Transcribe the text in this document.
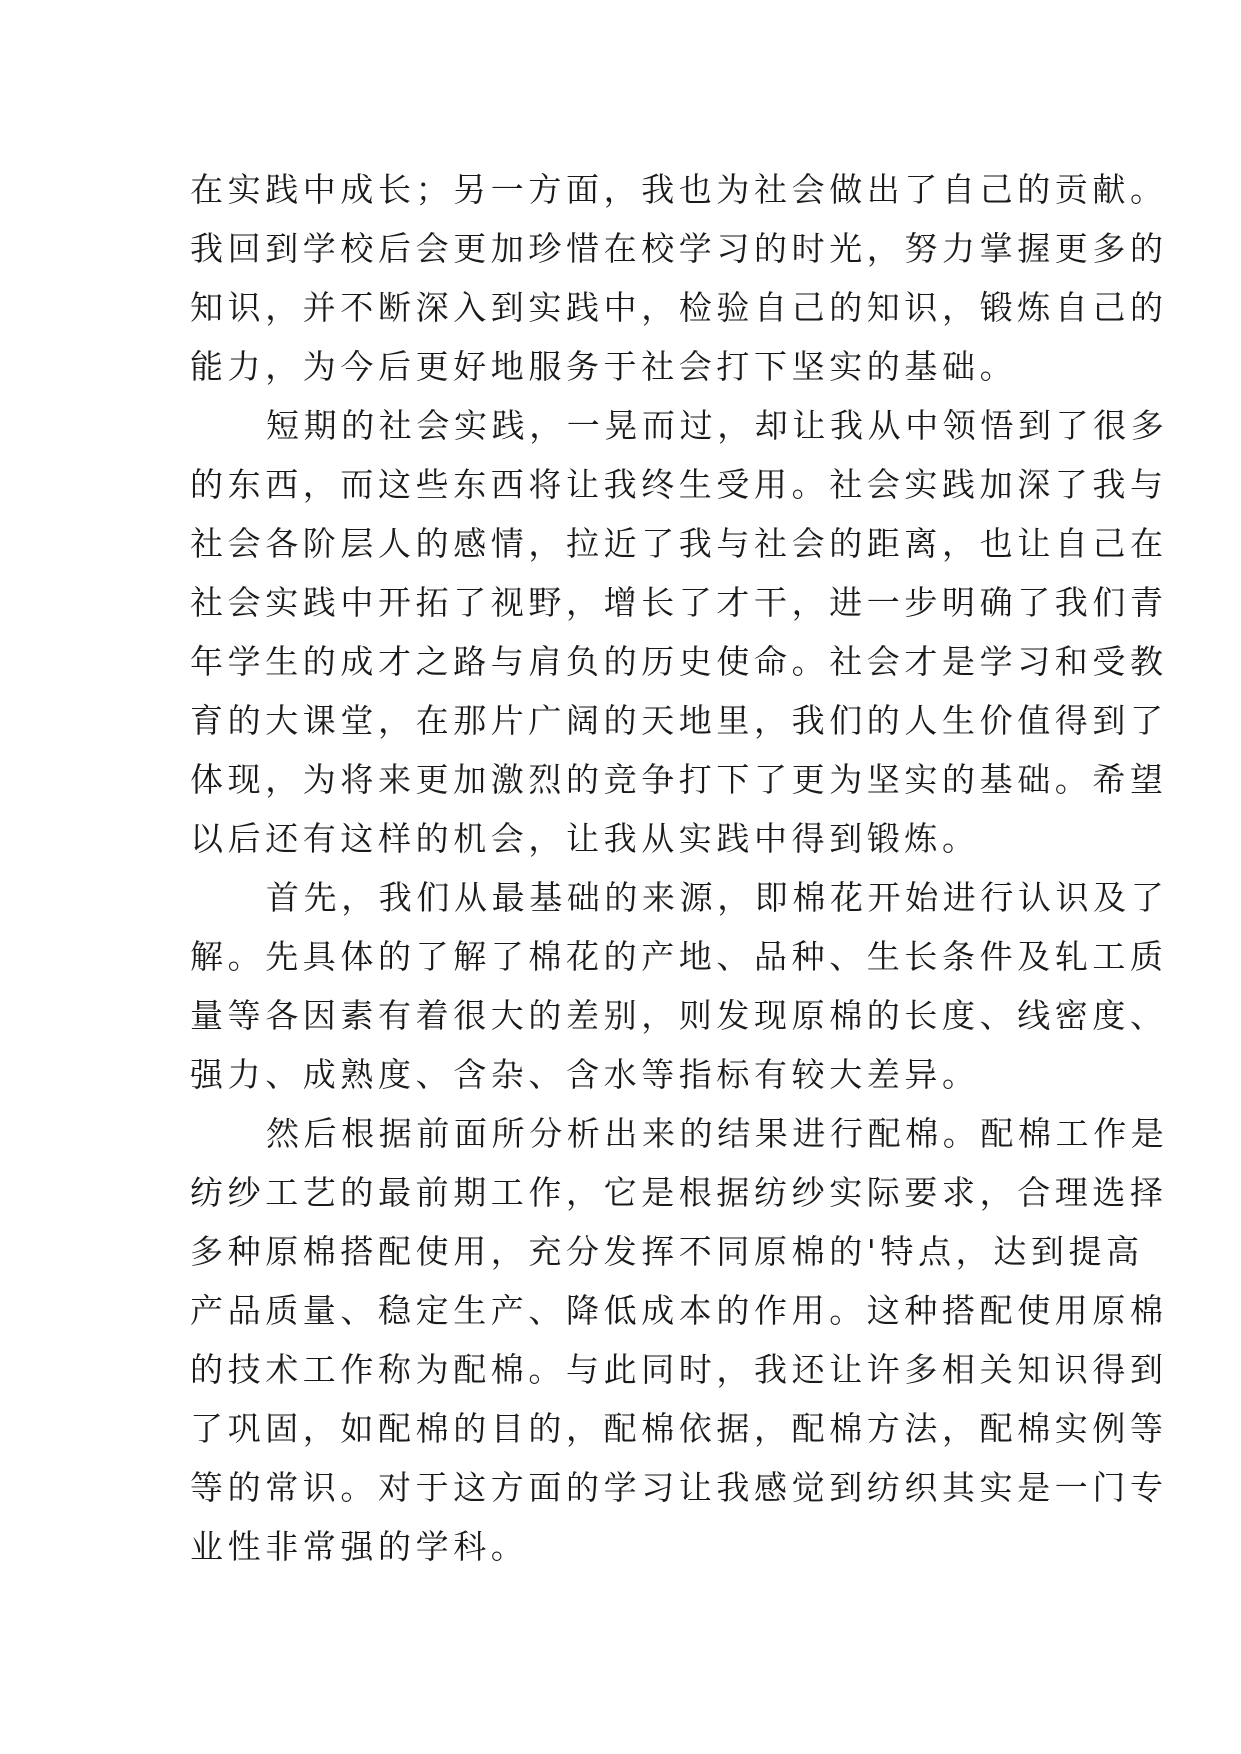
在实践中成长；另一方面，我也为社会做出了自己的贡献。
我回到学校后会更加珍惜在校学习的时光，努力掌握更多的
知识，并不断深入到实践中，检验自己的知识，锻炼自己的
能力，为今后更好地服务于社会打下坚实的基础。
短期的社会实践，一晃而过，却让我从中领悟到了很多
的东西，而这些东西将让我终生受用。社会实践加深了我与
社会各阶层人的感情，拉近了我与社会的距离，也让自己在
社会实践中开拓了视野，增长了才干，进一步明确了我们青
年学生的成才之路与肩负的历史使命。社会才是学习和受教
育的大课堂，在那片广阔的天地里，我们的人生价值得到了
体现，为将来更加激烈的竞争打下了更为坚实的基础。希望
以后还有这样的机会，让我从实践中得到锻炼。
首先，我们从最基础的来源，即棉花开始进行认识及了
解。先具体的了解了棉花的产地、品种、生长条件及轧工质
量等各因素有着很大的差别，则发现原棉的长度、线密度、
强力、成熟度、含杂、含水等指标有较大差异。
然后根据前面所分析出来的结果进行配棉。配棉工作是
纺纱工艺的最前期工作，它是根据纺纱实际要求，合理选择
多种原棉搭配使用，充分发挥不同原棉的'特点，达到提高
产品质量、稳定生产、降低成本的作用。这种搭配使用原棉
的技术工作称为配棉。与此同时，我还让许多相关知识得到
了巩固，如配棉的目的，配棉依据，配棉方法，配棉实例等
等的常识。对于这方面的学习让我感觉到纺织其实是一门专
业性非常强的学科。
